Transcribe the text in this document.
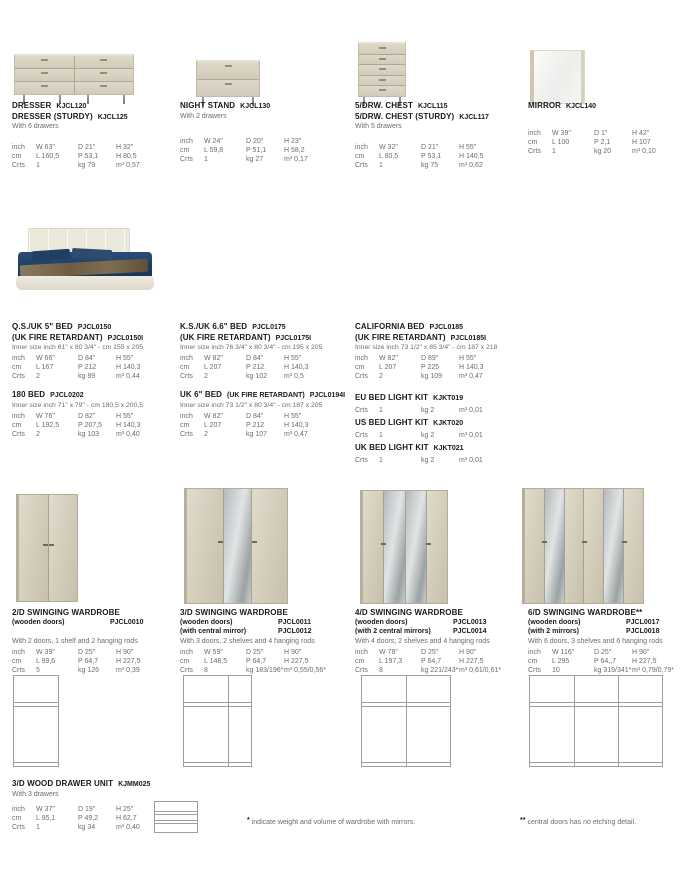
DRESSER KJCL120
DRESSER (STURDY) KJCL125
With 6 drawers
inch	W 63"	D 21"	H 32"
cm	L 160,5	P 53,1	H 80,5
Crts	1	kg 79	m³ 0,57
NIGHT STAND KJCL130
With 2 drawers
inch	W 24"	D 20"	H 23"
cm	L 59,8	P 51,1	H 58,2
Crts	1	kg 27	m³ 0,17
5/DRW. CHEST KJCL115
5/DRW. CHEST (STURDY) KJCL117
With 5 drawers
inch	W 32"	D 21"	H 55"
cm	L 80,5	P 53,1	H 140,5
Crts	1	kg 75	m³ 0,62
MIRROR KJCL140
inch	W 39"	D 1"	H 42"
cm	L 100	P 2,1	H 107
Crts	1	kg 20	m³ 0,10
Q.S./UK 5" BED PJCL0150
(UK FIRE RETARDANT) PJCL0150I
Inner size inch 61" x 80 3/4" - cm 155 x 205
inch	W 66"	D 84"	H 55"
cm	L 167	P 212	H 140,3
Crts	2	kg 89	m³ 0,44
K.S./UK 6.6" BED PJCL0175
(UK FIRE RETARDANT) PJCL0175I
Inner size inch 76 3/4" x 80 3/4" - cm 195 x 205
inch	W 82"	D 84"	H 55"
cm	L 207	P 212	H 140,3
Crts	2	kg 102	m³ 0,5
CALIFORNIA BED PJCL0185
(UK FIRE RETARDANT) PJCL0185I
Inner size inch 73 1/2" x 85 3/4" - cm 187 x 218
inch	W 82"	D 89"	H 55"
cm	L 207	P 225	H 140,3
Crts	2	kg 109	m³ 0,47
180 BED PJCL0202
Inner size inch 71" x 79" - cm 180,5 x 200,5
inch	W 76"	D 82"	H 55"
cm	L 192,5	P 207,5	H 140,3
Crts	2	kg 103	m³ 0,40
UK 6" BED (UK FIRE RETARDANT) PJCL0194I
Inner size inch 73 1/2" x 80 3/4" - cm 187 x 205
inch	W 82"	D 84"	H 55"
cm	L 207	P 212	H 140,3
Crts	2	kg 107	m³ 0,47
EU BED LIGHT KIT KJKT019
Crts	1	kg 2	m³ 0,01
US BED LIGHT KIT KJKT020
Crts	1	kg 2	m³ 0,01
UK BED LIGHT KIT KJKT021
Crts	1	kg 2	m³ 0,01
2/D SWINGING WARDROBE
(wooden doors)	PJCL0010
With 2 doors, 1 shelf and 2 hanging rods
inch	W 39"	D 25"	H 90"
cm	L 99,6	P 64,7	H 227,5
Crts	5	kg 126	m³ 0,39
3/D SWINGING WARDROBE
(wooden doors)	PJCL0011
(with central mirror)	PJCL0012
With 3 doors, 2 shelves and 4 hanging rods
inch	W 59"	D 25"	H 90"
cm	L 148,5	P 64,7	H 227,5
Crts	8	kg 183/196* m³ 0,55/0,56*
4/D SWINGING WARDROBE
(wooden doors)	PJCL0013
(with 2 central mirrors)	PJCL0014
With 4 doors, 2 shelves and 4 hanging rods
inch	W 78"	D 25"	H 90"
cm	L 197,3	P 64,7	H 227,5
Crts	8	kg 221/243* m³ 0,61/0,61*
6/D SWINGING WARDROBE**
(wooden doors)	PJCL0017
(with 2 mirrors)	PJCL0018
With 6 doors, 3 shelves and 6 hanging rods
inch	W 116"	D 25"	H 90"
cm	L 295	P 64,,7	H 227,5
Crts	10	kg 319/341* m³ 0,79/0,79*
3/D WOOD DRAWER UNIT KJMM025
With 3 drawers
inch	W 37"	D 19"	H 25"
cm	L 95,1	P 49,2	H 62,7
Crts	1	kg 34	m³ 0,40
* indicate weight and volume of wardrobe with mirrors.	** central doors has no etching detail.
